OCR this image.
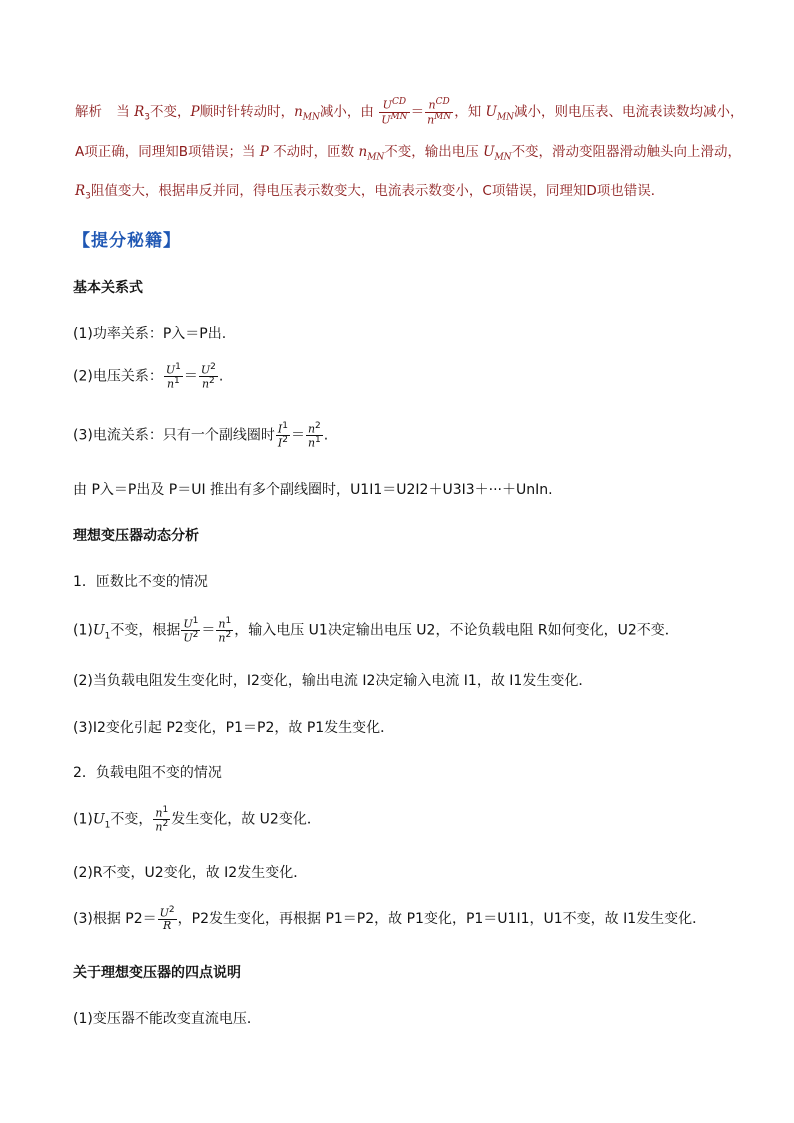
解析 当 $R_3$不变，P顺时针转动时，$n_{MN}$减小，由 $\frac{U^{CD}}{U^{MN}} = \frac{n^{CD}}{n^{MN}}$ ，知 $U_{MN}$减小，则电压表、电流表读数均减小，A项正确，同理知B项错误；当 P 不动时，匝数 $n_{MN}$不变，输出电压 $U_{MN}$不变，滑动变阻器滑动触头向上滑动，$R_3$阻值变大，根据串反并同，得电压表示数变大，电流表示数变小，C项错误，同理知D项也错误．
【提分秘籍】
基本关系式
(1)功率关系：P入＝P出.
(2)电压关系： $\frac{U^1}{n^1} = \frac{U^2}{n^2}$ .
(3)电流关系：只有一个副线圈时 $\frac{I^1}{I^2} = \frac{n^2}{n^1}$ .
由 P入＝P出及 P＝UI 推出有多个副线圈时，U1I1＝U2I2＋U3I3＋···＋UnIn.
理想变压器动态分析
1．匝数比不变的情况
$(1)U_1$不变，根据 $\frac{U^1}{U^2} = \frac{n^1}{n^2}$ ，输入电压 U1决定输出电压 U2，不论负载电阻 R如何变化，U2不变．
(2)当负载电阻发生变化时，I2变化，输出电流 I2决定输入电流 I1，故 I1发生变化．
(3)I2变化引起 P2变化，P1＝P2，故 P1发生变化．
2．负载电阻不变的情况
$(1)U_1$不变， $\frac{n^1}{n^2}$ 发生变化，故 U2变化．
(2)R不变，U2变化，故 I2发生变化．
(3)根据 $P2= \frac{U^2}{R}$ ，P2发生变化，再根据 P1＝P2，故 P1变化，P1＝U1I1，U1不变，故 I1发生变化．
关于理想变压器的四点说明
(1)变压器不能改变直流电压．
